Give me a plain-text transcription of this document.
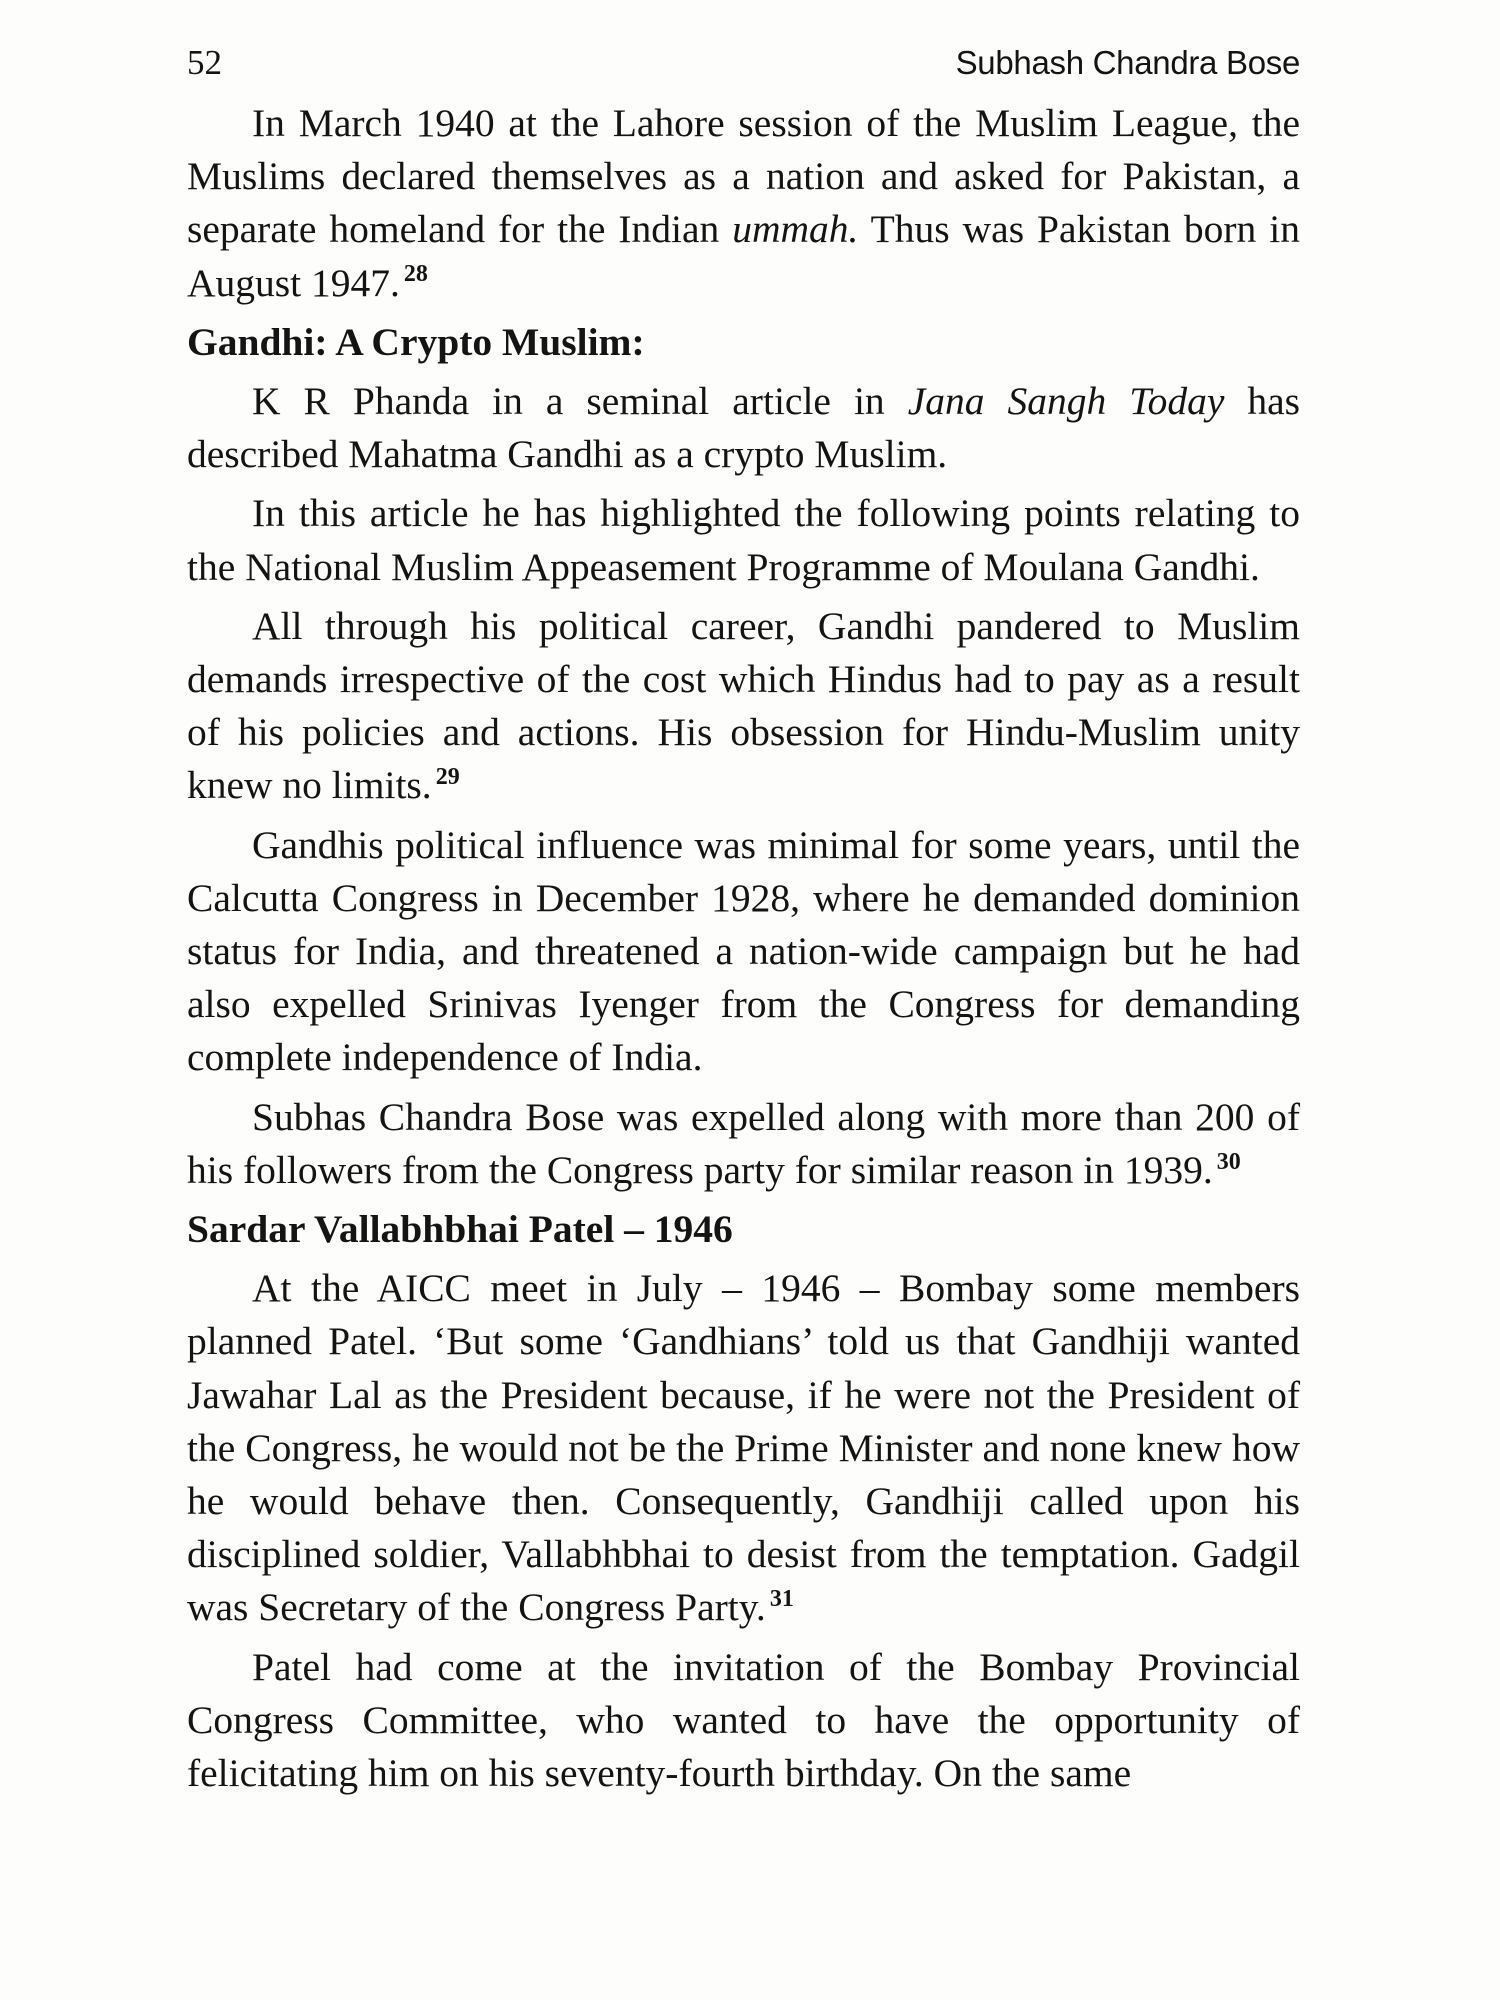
52	Subhash Chandra Bose

In March 1940 at the Lahore session of the Muslim League, the Muslims declared themselves as a nation and asked for Pakistan, a separate homeland for the Indian ummah. Thus was Pakistan born in August 1947. $^{28}$

Gandhi: A Crypto Muslim:

K R Phanda in a seminal article in Jana Sangh Today has described Mahatma Gandhi as a crypto Muslim.

In this article he has highlighted the following points relating to the National Muslim Appeasement Programme of Moulana Gandhi.

All through his political career, Gandhi pandered to Muslim demands irrespective of the cost which Hindus had to pay as a result of his policies and actions. His obsession for Hindu-Muslim unity knew no limits. $^{29}$

Gandhis political influence was minimal for some years, until the Calcutta Congress in December 1928, where he demanded dominion status for India, and threatened a nation-wide campaign but he had also expelled Srinivas Iyenger from the Congress for demanding complete independence of India.

Subhas Chandra Bose was expelled along with more than 200 of his followers from the Congress party for similar reason in 1939. $^{30}$

Sardar Vallabhbhai Patel – 1946

At the AICC meet in July – 1946 – Bombay some members planned Patel. ‘But some ‘Gandhians’ told us that Gandhiji wanted Jawahar Lal as the President because, if he were not the President of the Congress, he would not be the Prime Minister and none knew how he would behave then. Consequently, Gandhiji called upon his disciplined soldier, Vallabhbhai to desist from the temptation. Gadgil was Secretary of the Congress Party. $^{31}$

Patel had come at the invitation of the Bombay Provincial Congress Committee, who wanted to have the opportunity of felicitating him on his seventy-fourth birthday. On the same
